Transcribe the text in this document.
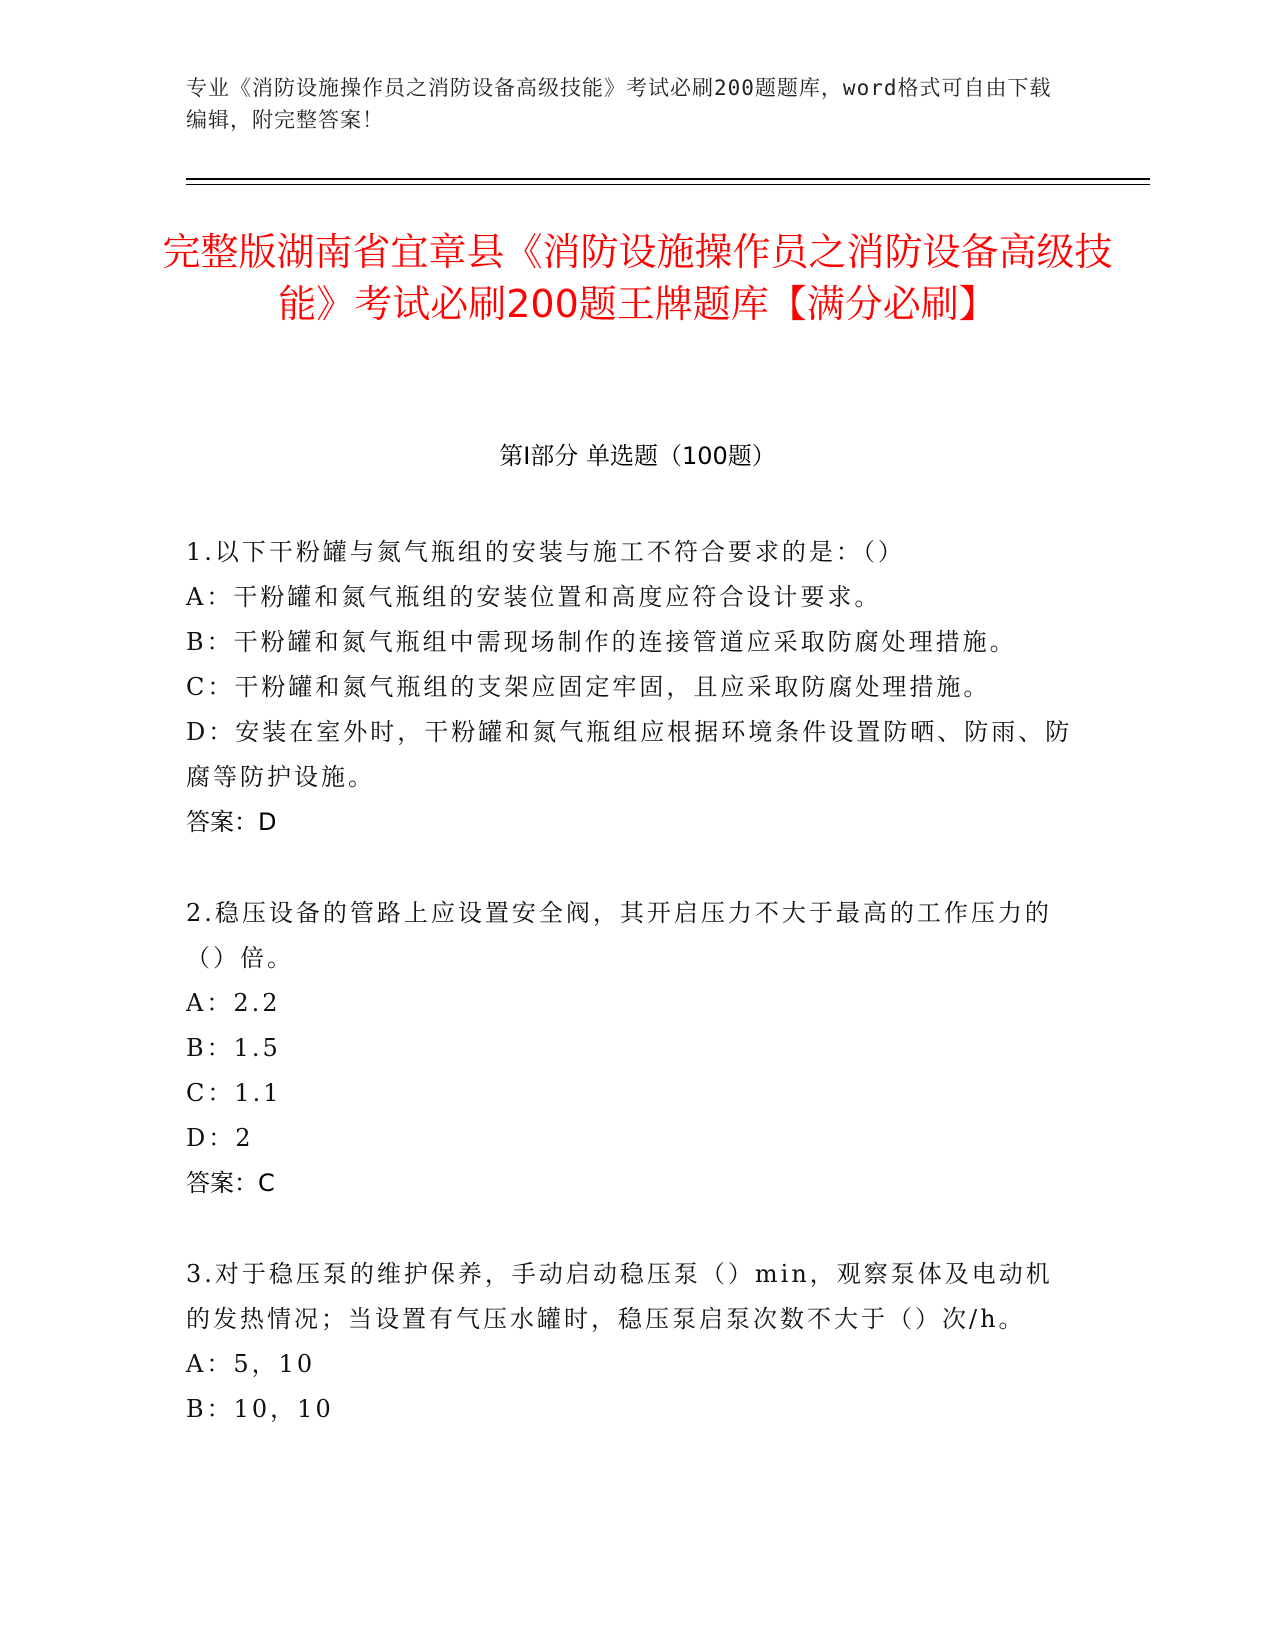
专业《消防设施操作员之消防设备高级技能》考试必刷200题题库，word格式可自由下载编辑，附完整答案！
完整版湖南省宜章县《消防设施操作员之消防设备高级技能》考试必刷200题王牌题库【满分必刷】
第Ⅰ部分 单选题（100题）

1.以下干粉罐与氮气瓶组的安装与施工不符合要求的是：（）

A：干粉罐和氮气瓶组的安装位置和高度应符合设计要求。

B：干粉罐和氮气瓶组中需现场制作的连接管道应采取防腐处理措施。

C：干粉罐和氮气瓶组的支架应固定牢固，且应采取防腐处理措施。

D：安装在室外时，干粉罐和氮气瓶组应根据环境条件设置防晒、防雨、防腐等防护设施。

答案：D

2.稳压设备的管路上应设置安全阀，其开启压力不大于最高的工作压力的（）倍。

A：2.2

B：1.5

C：1.1

D：2

答案：C

3.对于稳压泵的维护保养，手动启动稳压泵（）min，观察泵体及电动机的发热情况；当设置有气压水罐时，稳压泵启泵次数不大于（）次/h。

A：5，10

B：10，10
